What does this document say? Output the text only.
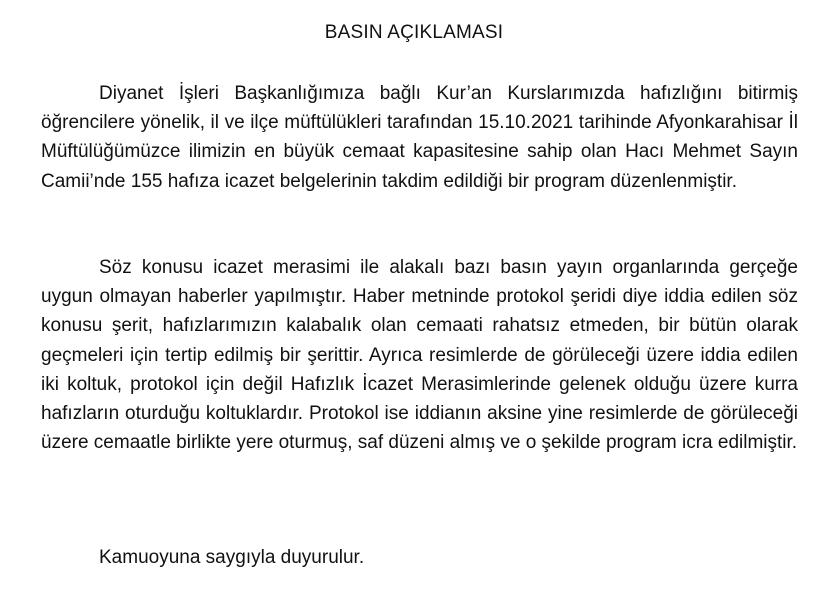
BASIN AÇIKLAMASI

Diyanet İşleri Başkanlığımıza bağlı Kur’an Kurslarımızda hafızlığını bitirmiş öğrencilere yönelik, il ve ilçe müftülükleri tarafından 15.10.2021 tarihinde Afyonkarahisar İl Müftülüğümüzce ilimizin en büyük cemaat kapasitesine sahip olan Hacı Mehmet Sayın Camii’nde 155 hafıza icazet belgelerinin takdim edildiği bir program düzenlenmiştir.

Söz konusu icazet merasimi ile alakalı bazı basın yayın organlarında gerçeğe uygun olmayan haberler yapılmıştır. Haber metninde protokol şeridi diye iddia edilen söz konusu şerit, hafızlarımızın kalabalık olan cemaati rahatsız etmeden, bir bütün olarak geçmeleri için tertip edilmiş bir şerittir. Ayrıca resimlerde de görüleceği üzere iddia edilen iki koltuk, protokol için değil Hafızlık İcazet Merasimlerinde gelenek olduğu üzere kurra hafızların oturduğu koltuklardır. Protokol ise iddianın aksine yine resimlerde de görüleceği üzere cemaatle birlikte yere oturmuş, saf düzeni almış ve o şekilde program icra edilmiştir.

Kamuoyuna saygıyla duyurulur.
